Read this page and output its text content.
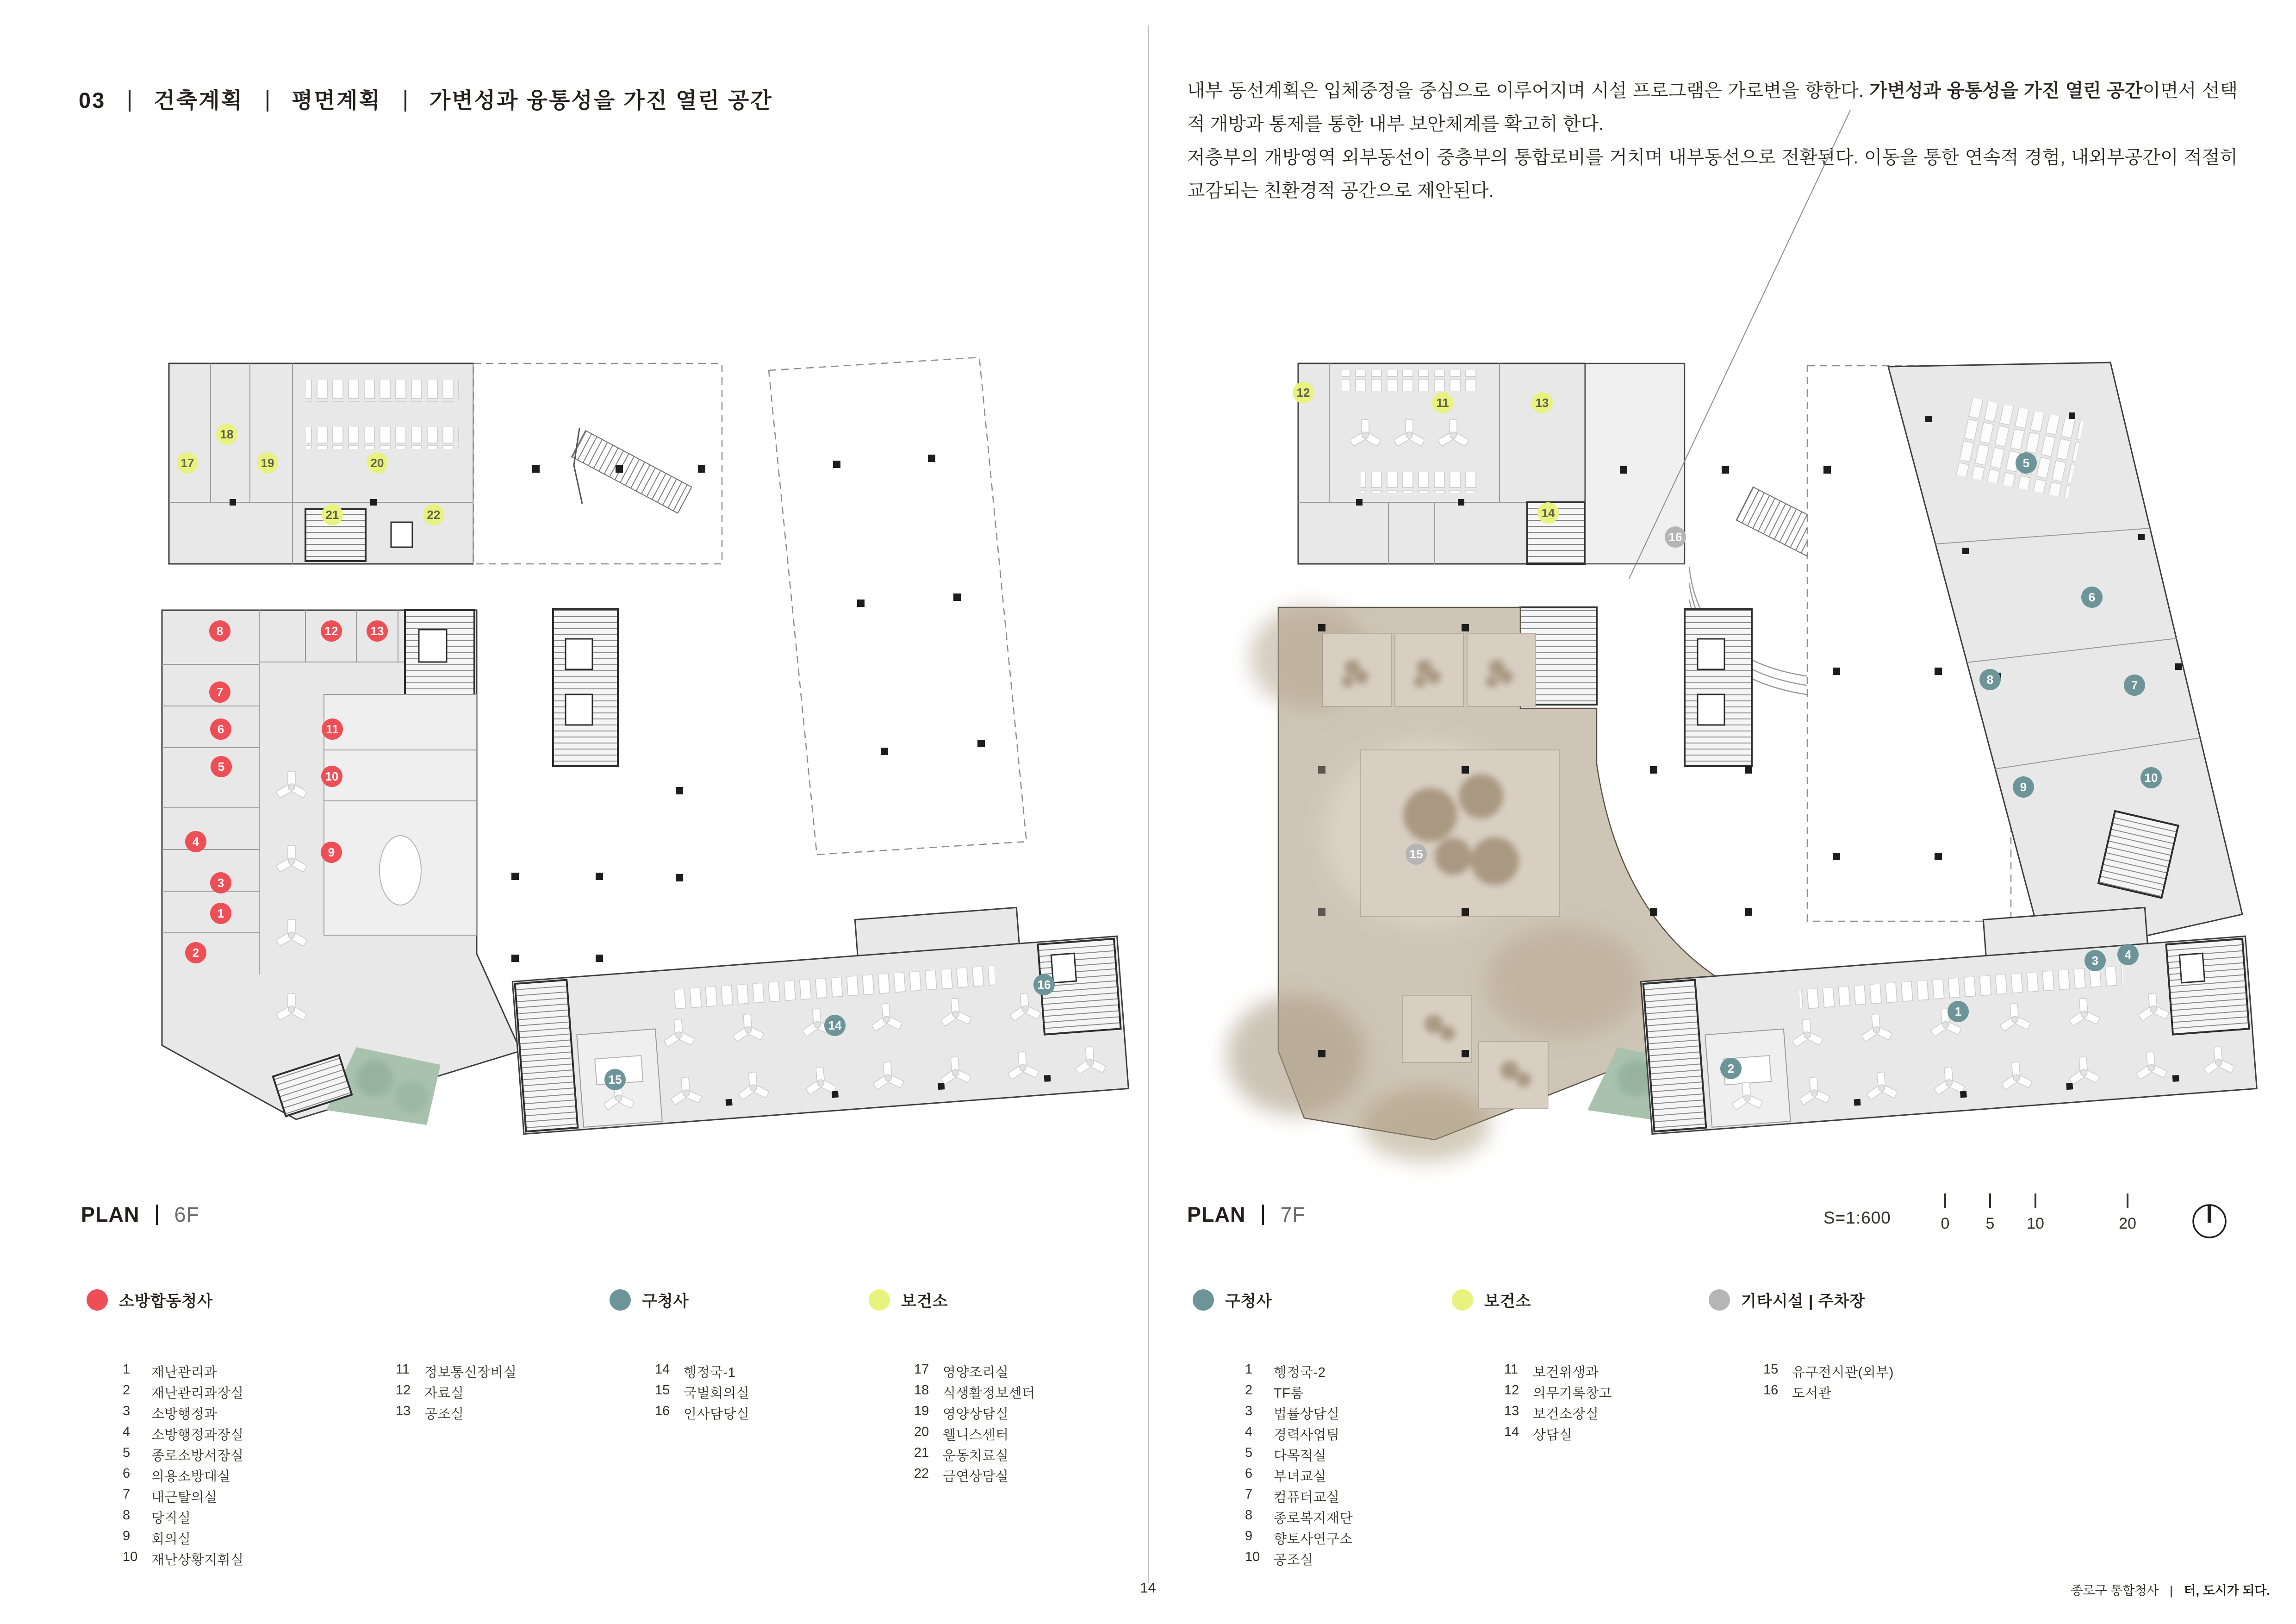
1
2
3
4
5
6
7
8
9
10
11
12	13
14
15
16
17
18
19	20
21	22
1
2
3	4
5
6
7
8
9
10
11
12
13
14
15
16
03 건축계획 평면계획 가변성과 융통성을 가진 열린 공간	내부 동선계획은 입체중정을 중심으로 이루어지며 시설 프로그램은 가로변을 향한다. 가변성과 융통성을 가진 열린 공간이면서 선택적 개방과 통제를 통한 내부 보안체계를 확고히 한다.

저층부의 개방영역 외부동선이 중층부의 통합로비를 거치며 내부동선으로 전환된다. 이동을 통한 연속적 경험, 내외부공간이 적절히 교감되는 친환경적 공간으로 제안된다.

PLAN 6F	PLAN 7F	S=1:600	0	5	10	20
소방합동청사	구청사	보건소	구청사	보건소	기타시설 | 주차장
1	재난관리과
2	재난관리과장실
3	소방행정과
4	소방행정과장실
5	종로소방서장실
6	의용소방대실
7	내근탈의실
8	당직실
9	회의실
10	재난상황지휘실
11	정보통신장비실
12	자료실
13	공조실
14	행정국-1
15	국별회의실
16	인사담당실
17	영양조리실
18	식생활정보센터
19	영양상담실
20	웰니스센터
21	운동치료실
22	금연상담실
1	행정국-2
2	TF룸
3	법률상담실
4	경력사업팀
5	다목적실
6	부녀교실
7	컴퓨터교실
8	종로복지재단
9	향토사연구소
10	공조실
11	보건위생과
12	의무기록창고
13	보건소장실
14	상담실
15	유구전시관(외부)
16	도서관
14	종로구 통합청사 | 터, 도시가 되다.
